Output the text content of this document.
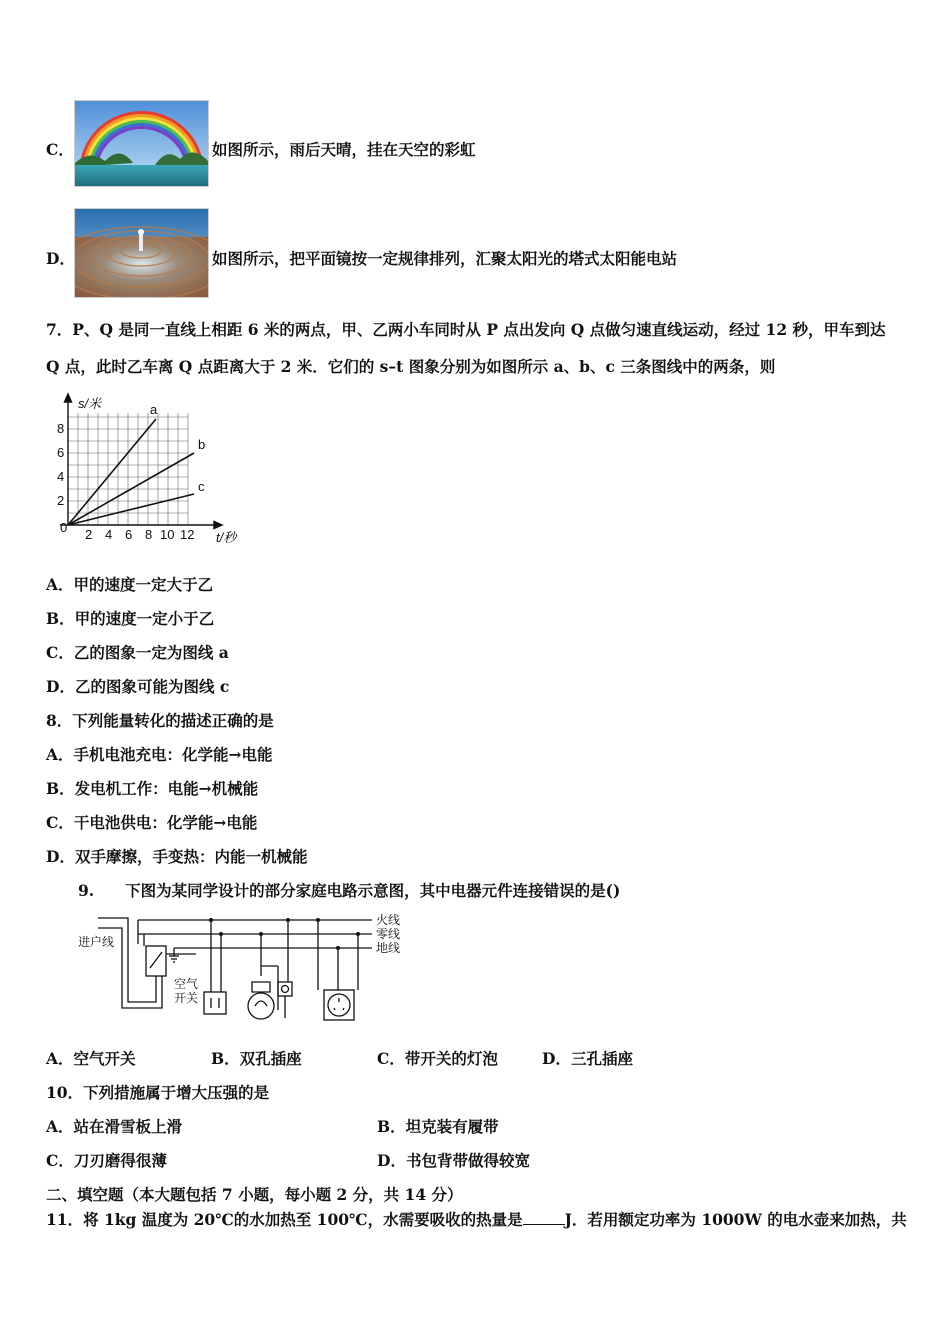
C．	如图所示，雨后天晴，挂在天空的彩虹
D．	如图所示，把平面镜按一定规律排列，汇聚太阳光的塔式太阳能电站
7．P、Q 是同一直线上相距 6 米的两点，甲、乙两小车同时从 P 点出发向 Q 点做匀速直线运动，经过 12 秒，甲车到达
Q 点，此时乙车离 Q 点距离大于 2 米．它们的 s–t 图象分别为如图所示 a、b、c 三条图线中的两条，则
a
b
c
s/米
t/秒
0
2
4
6
8
2 4 6 8 10 12
A．甲的速度一定大于乙
B．甲的速度一定小于乙
C．乙的图象一定为图线 a
D．乙的图象可能为图线 c
8．下列能量转化的描述正确的是
A．手机电池充电：化学能→电能
B．发电机工作：电能→机械能
C．干电池供电：化学能→电能
D．双手摩擦，手变热：内能一机械能
9.　　下图为某同学设计的部分家庭电路示意图，其中电器元件连接错误的是()
火线
零线
地线
进户线
空气
开关
A．空气开关	B．双孔插座	C．带开关的灯泡	D．三孔插座
10．下列措施属于增大压强的是
A．站在滑雪板上滑	B．坦克装有履带
C．刀刃磨得很薄	D．书包背带做得较宽
二、填空题（本大题包括 7 小题，每小题 2 分，共 14 分）
11．将 1kg 温度为 20℃的水加热至 100℃，水需要吸收的热量是	J．若用额定功率为 1000W 的电水壶来加热，共
